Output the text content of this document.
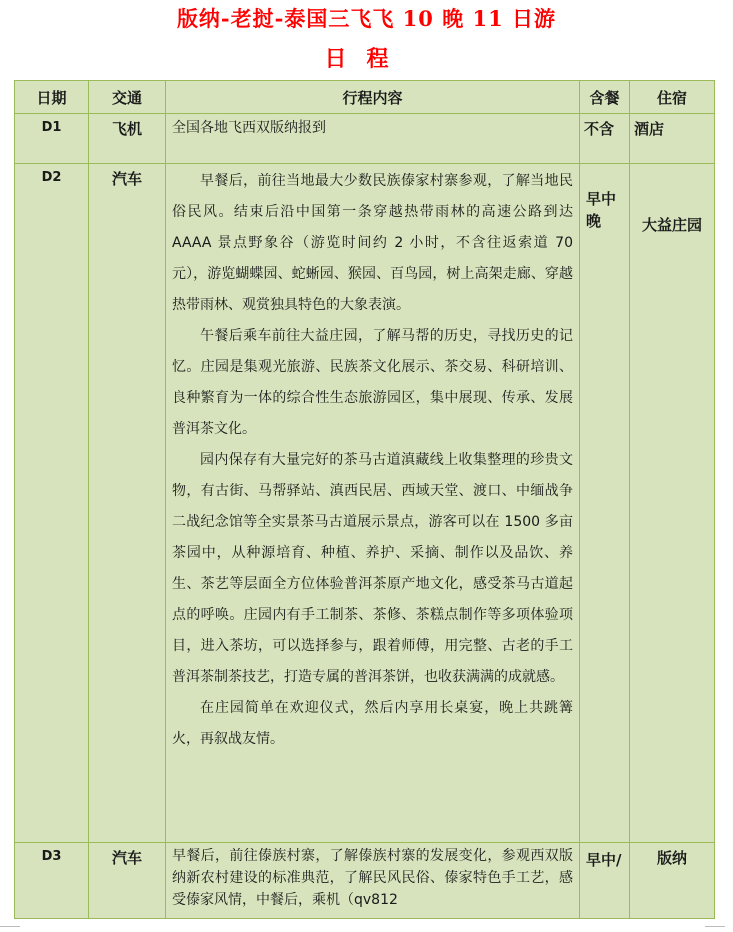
版纳-老挝-泰国三飞飞 10 晚 11 日游
日程
日期	交通	行程内容	含餐	住宿
D1	飞机	全国各地飞西双版纳报到	不含	酒店
D2	汽车	早餐后，前往当地最大少数民族傣家村寨参观，了解当地民俗民风。结束后沿中国第一条穿越热带雨林的高速公路到达 AAAA 景点野象谷（游览时间约 2 小时，不含往返索道 70 元），游览蝴蝶园、蛇蜥园、猴园、百鸟园，树上高架走廊、穿越热带雨林、观赏独具特色的大象表演。

午餐后乘车前往大益庄园，了解马帮的历史，寻找历史的记忆。庄园是集观光旅游、民族茶文化展示、茶交易、科研培训、良种繁育为一体的综合性生态旅游园区，集中展现、传承、发展普洱茶文化。

园内保存有大量完好的茶马古道滇藏线上收集整理的珍贵文物，有古街、马帮驿站、滇西民居、西域天堂、渡口、中缅战争二战纪念馆等全实景茶马古道展示景点，游客可以在 1500 多亩茶园中，从种源培育、种植、养护、采摘、制作以及品饮、养生、茶艺等层面全方位体验普洱茶原产地文化，感受茶马古道起点的呼唤。庄园内有手工制茶、茶修、茶糕点制作等多项体验项目，进入茶坊，可以选择参与，跟着师傅，用完整、古老的手工普洱茶制茶技艺，打造专属的普洱茶饼，也收获满满的成就感。

在庄园简单在欢迎仪式，然后内享用长桌宴，晚上共跳篝火，再叙战友情。	早中晚	大益庄园
D3	汽车	早餐后，前往傣族村寨，了解傣族村寨的发展变化，参观西双版纳新农村建设的标准典范，了解民风民俗、傣家特色手工艺，感受傣家风情，中餐后，乘机（qv812	早中/	版纳
